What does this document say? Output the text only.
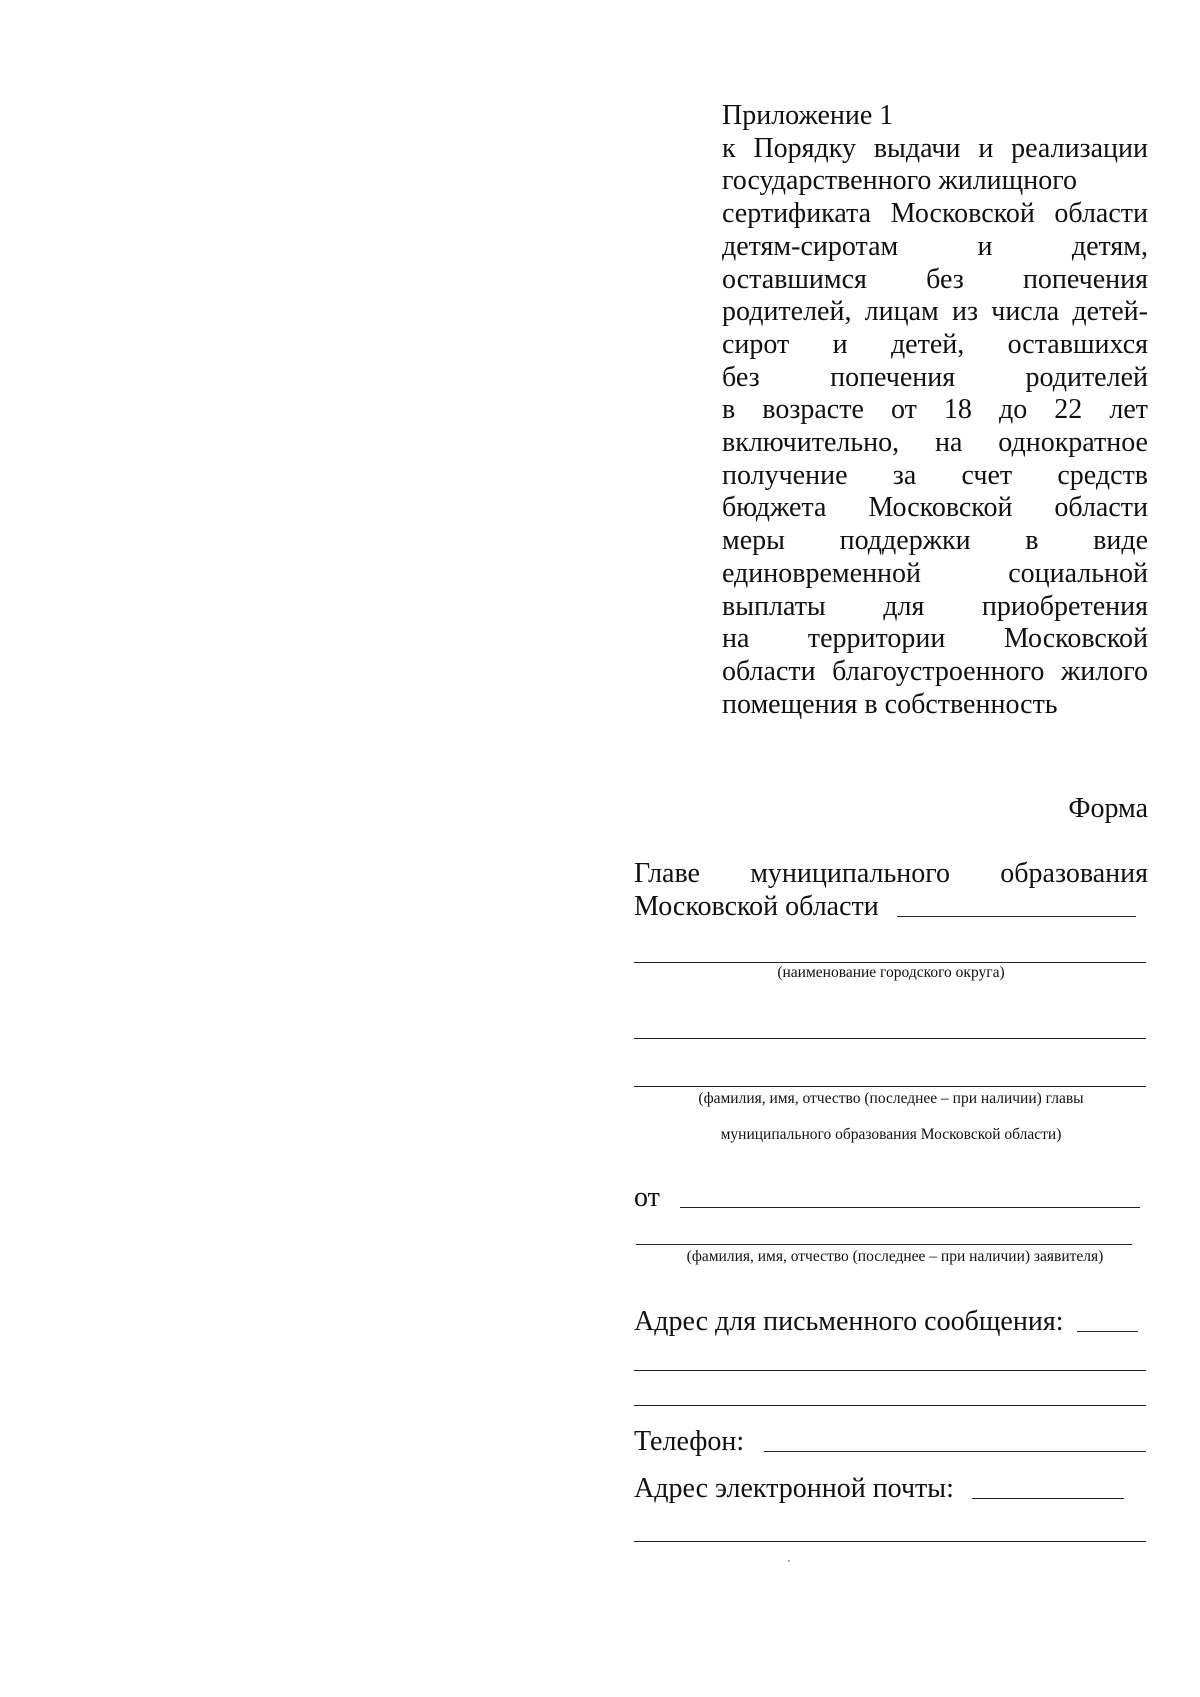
Приложение 1
к Порядку выдачи и реализации
государственного жилищного
сертификата Московской области
детям-сиротам и детям,
оставшимся без попечения
родителей, лицам из числа детей-
сирот и детей, оставшихся
без попечения родителей
в возрасте от 18 до 22 лет
включительно, на однократное
получение за счет средств
бюджета Московской области
меры поддержки в виде
единовременной социальной
выплаты для приобретения
на территории Московской
области благоустроенного жилого
помещения в собственность
Форма
Главе муниципального образования
Московской области
(наименование городского округа)
(фамилия, имя, отчество (последнее – при наличии) главы
муниципального образования Московской области)
от
(фамилия, имя, отчество (последнее – при наличии) заявителя)
Адрес для письменного сообщения:
Телефон:
Адрес электронной почты:
